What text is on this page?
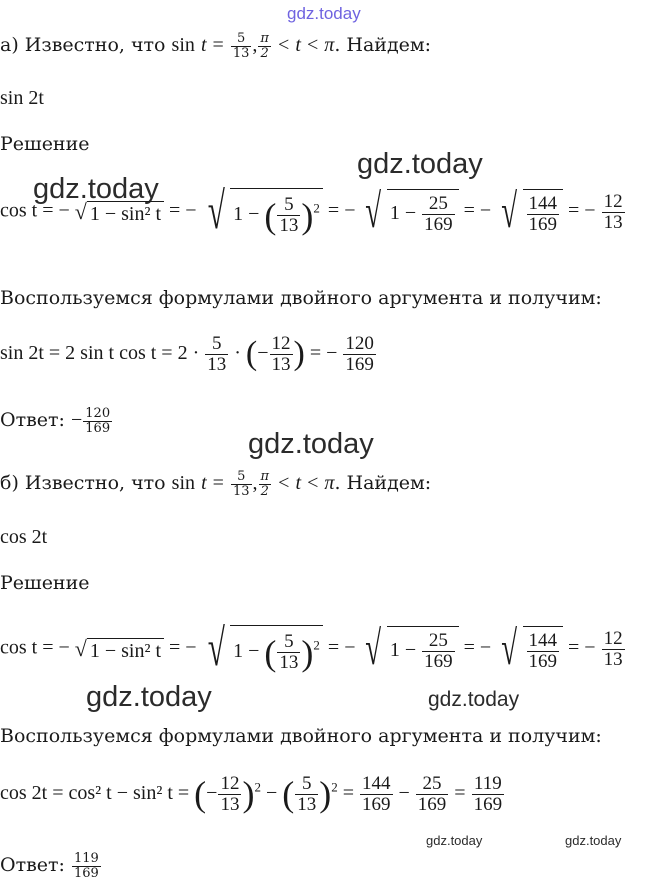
gdz.today
gdz.today
gdz.today
gdz.today
gdz.today	gdz.today
gdz.today	gdz.today
а) Известно, что $\sin t = \frac{5}{13}$ , $\frac{\pi}{2} < t < \pi$. Найдем:
sin 2t
Решение
cos t = − √ 1 − sin² t = − √ 1 − ( $\frac{5}{13} )^2$ = − √ $1 - \frac{25}{169}$ = − √ $\frac{144}{169}$ = − $\frac{12}{13}$
Воспользуемся формулами двойного аргумента и получим:
sin 2t = 2 sin t $\cos t = 2 \cdot \frac{5}{13}$ · (− $\frac{12}{13}$ ) = − $\frac{120}{169}$
Ответ: − $\frac{120}{169}$
б) Известно, что $\sin t = \frac{5}{13}$ , $\frac{\pi}{2} < t < \pi$. Найдем:
cos 2t
Решение
cos t = − √ 1 − sin² t = − √ 1 − ( $\frac{5}{13} )^2$ = − √ $1 - \frac{25}{169}$ = − √ $\frac{144}{169}$ = − $\frac{12}{13}$
Воспользуемся формулами двойного аргумента и получим:
cos 2t = cos² t − sin² t = (− $\frac{12}{13} )^2$ − ( $\frac{5}{13} )^2 = \frac{144}{169} - \frac{25}{169} = \frac{119}{169}$
Ответ: $\frac{119}{169}$
